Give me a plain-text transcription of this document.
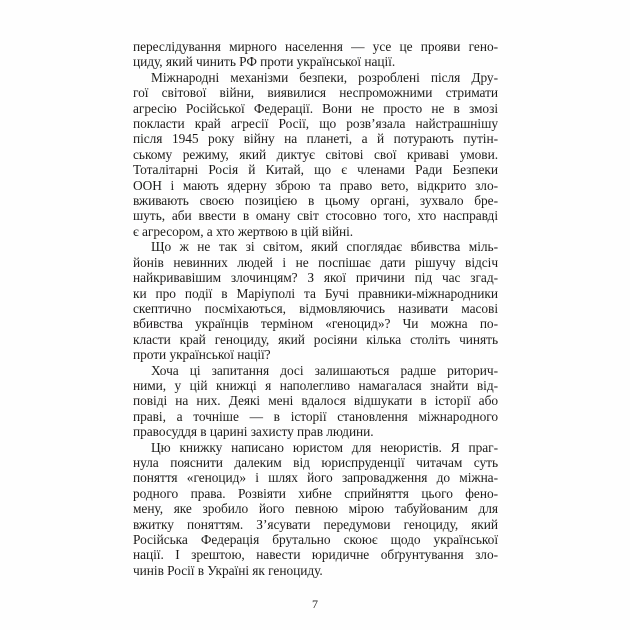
переслідування мирного населення — усе це прояви гено-
циду, який чинить РФ проти української нації.
Міжнародні механізми безпеки, розроблені після Дру-
гої світової війни, виявилися неспроможними стримати
агресію Російської Федерації. Вони не просто не в змозі
покласти край агресії Росії, що розв’язала найстрашнішу
після 1945 року війну на планеті, а й потурають путін-
ському режиму, який диктує світові свої криваві умови.
Тоталітарні Росія й Китай, що є членами Ради Безпеки
ООН і мають ядерну зброю та право вето, відкрито зло-
вживають своєю позицією в цьому органі, зухвало бре-
шуть, аби ввести в оману світ стосовно того, хто насправді
є агресором, а хто жертвою в цій війні.
Що ж не так зі світом, який споглядає вбивства міль-
йонів невинних людей і не поспішає дати рішучу відсіч
найкривавішим злочинцям? З якої причини під час згад-
ки про події в Маріуполі та Бучі правники-міжнародники
скептично посміхаються, відмовляючись називати масові
вбивства українців терміном «геноцид»? Чи можна по-
класти край геноциду, який росіяни кілька століть чинять
проти української нації?
Хоча ці запитання досі залишаються радше риторич-
ними, у цій книжці я наполегливо намагалася знайти від-
повіді на них. Деякі мені вдалося відшукати в історії або
праві, а точніше — в історії становлення міжнародного
правосуддя в царині захисту прав людини.
Цю книжку написано юристом для неюристів. Я праг-
нула пояснити далеким від юриспруденції читачам суть
поняття «геноцид» і шлях його запровадження до міжна-
родного права. Розвіяти хибне сприйняття цього фено-
мену, яке зробило його певною мірою табуйованим для
вжитку поняттям. З’ясувати передумови геноциду, який
Російська Федерація брутально скоює щодо української
нації. І зрештою, навести юридичне обґрунтування зло-
чинів Росії в Україні як геноциду.
7
